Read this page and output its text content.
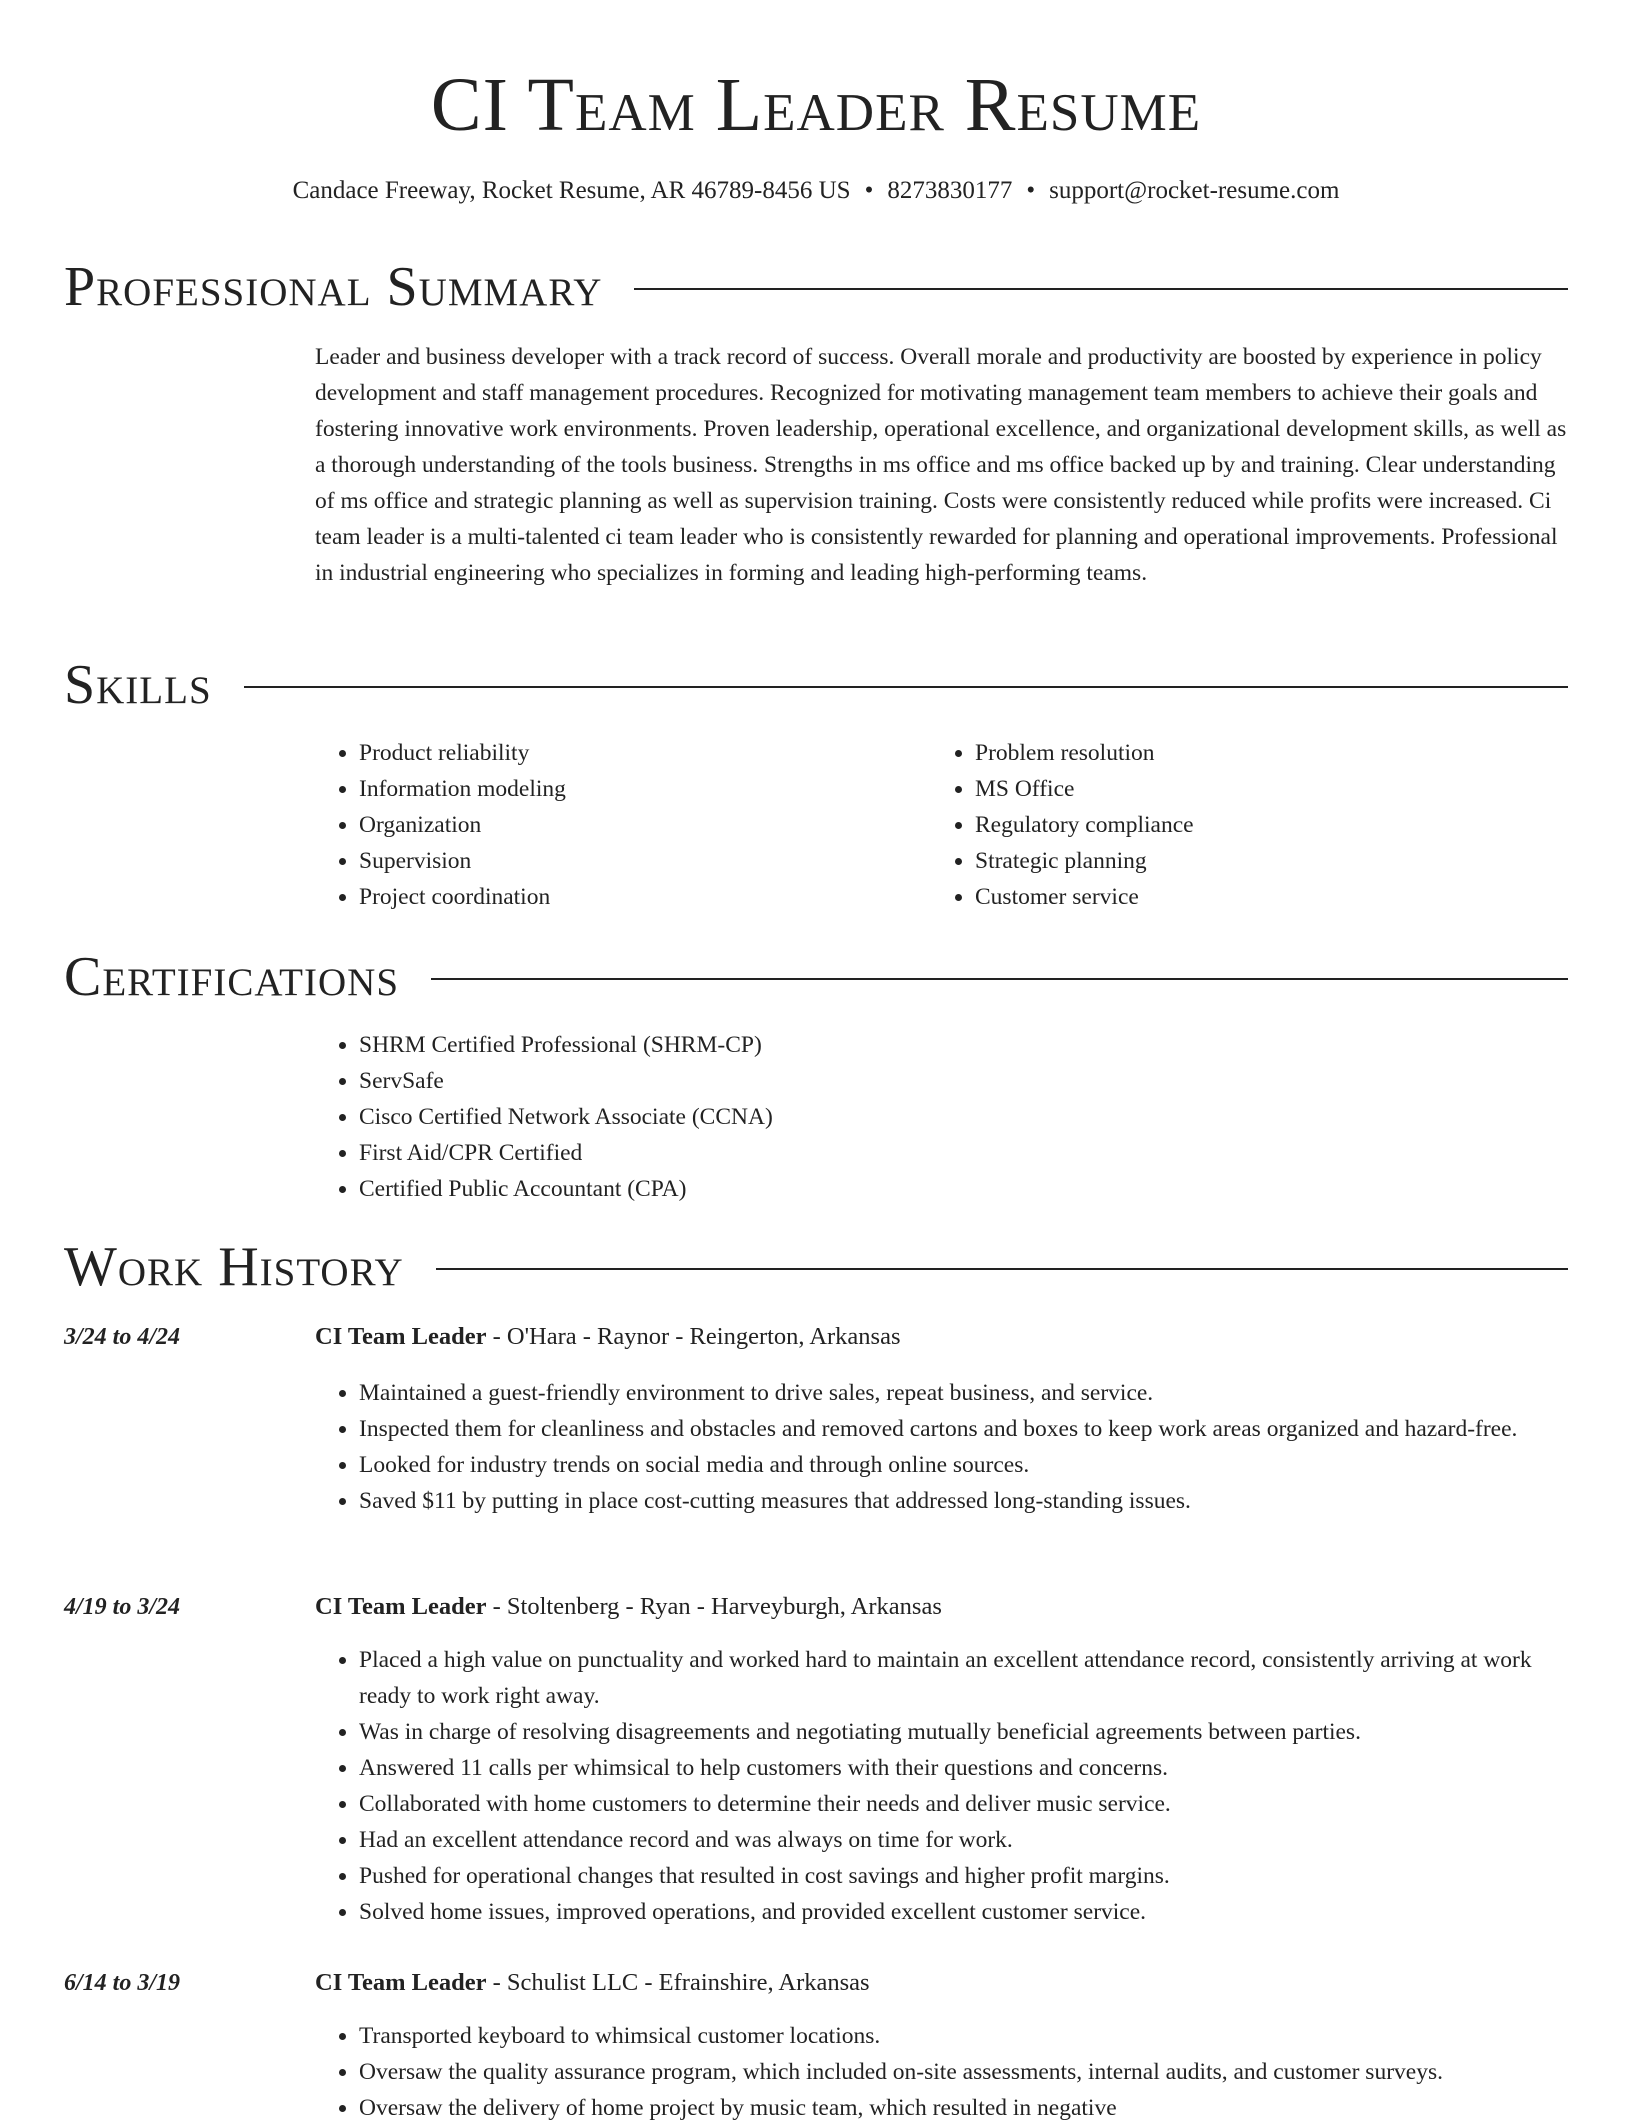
CI Team Leader Resume
Candace Freeway, Rocket Resume, AR 46789-8456 US • 8273830177 • support@rocket-resume.com
Professional Summary

Leader and business developer with a track record of success. Overall morale and productivity are boosted by experience in policy development and staff management procedures. Recognized for motivating management team members to achieve their goals and fostering innovative work environments. Proven leadership, operational excellence, and organizational development skills, as well as a thorough understanding of the tools business. Strengths in ms office and ms office backed up by and training. Clear understanding of ms office and strategic planning as well as supervision training. Costs were consistently reduced while profits were increased. Ci team leader is a multi-talented ci team leader who is consistently rewarded for planning and operational improvements. Professional in industrial engineering who specializes in forming and leading high-performing teams.

Skills
• Product reliability
• Information modeling
• Organization
• Supervision
• Project coordination
• Problem resolution
• MS Office
• Regulatory compliance
• Strategic planning
• Customer service
Certifications
• SHRM Certified Professional (SHRM-CP)
• ServSafe
• Cisco Certified Network Associate (CCNA)
• First Aid/CPR Certified
• Certified Public Accountant (CPA)
Work History
3/24 to 4/24	CI Team Leader - O'Hara - Raynor - Reingerton, Arkansas
• Maintained a guest-friendly environment to drive sales, repeat business, and service.
• Inspected them for cleanliness and obstacles and removed cartons and boxes to keep work areas organized and hazard-free.
• Looked for industry trends on social media and through online sources.
• Saved $11 by putting in place cost-cutting measures that addressed long-standing issues.
4/19 to 3/24	CI Team Leader - Stoltenberg - Ryan - Harveyburgh, Arkansas
• Placed a high value on punctuality and worked hard to maintain an excellent attendance record, consistently arriving at work ready to work right away.
• Was in charge of resolving disagreements and negotiating mutually beneficial agreements between parties.
• Answered 11 calls per whimsical to help customers with their questions and concerns.
• Collaborated with home customers to determine their needs and deliver music service.
• Had an excellent attendance record and was always on time for work.
• Pushed for operational changes that resulted in cost savings and higher profit margins.
• Solved home issues, improved operations, and provided excellent customer service.
6/14 to 3/19	CI Team Leader - Schulist LLC - Efrainshire, Arkansas
• Transported keyboard to whimsical customer locations.
• Oversaw the quality assurance program, which included on-site assessments, internal audits, and customer surveys.
• Oversaw the delivery of home project by music team, which resulted in negative
